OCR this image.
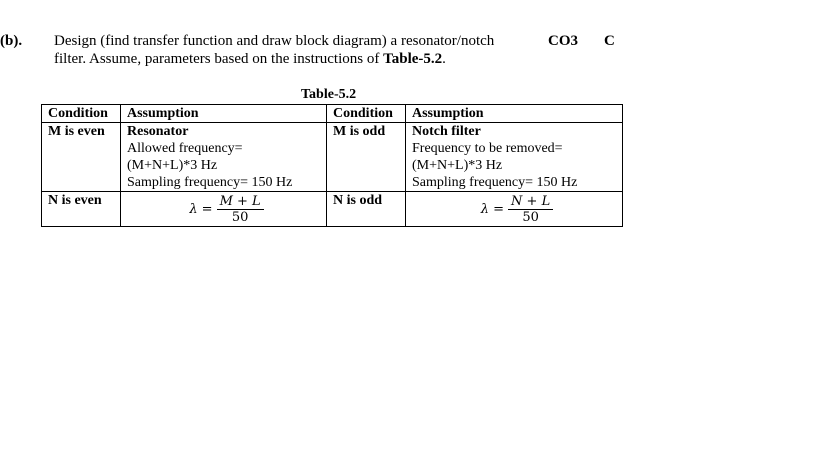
(b). Design (find transfer function and draw block diagram) a resonator/notch
filter. Assume, parameters based on the instructions of Table-5.2.
CO3 C
Table-5.2
Condition	Assumption	Condition	Assumption
M is even	Resonator
Allowed frequency=
(M+N+L)*3 Hz
Sampling frequency= 150 Hz	M is odd	Notch filter
Frequency to be removed=
(M+N+L)*3 Hz
Sampling frequency= 150 Hz

N is even	$\lambda = \frac{M + L}{50}$	N is odd	$\lambda = \frac{N + L}{50}$
